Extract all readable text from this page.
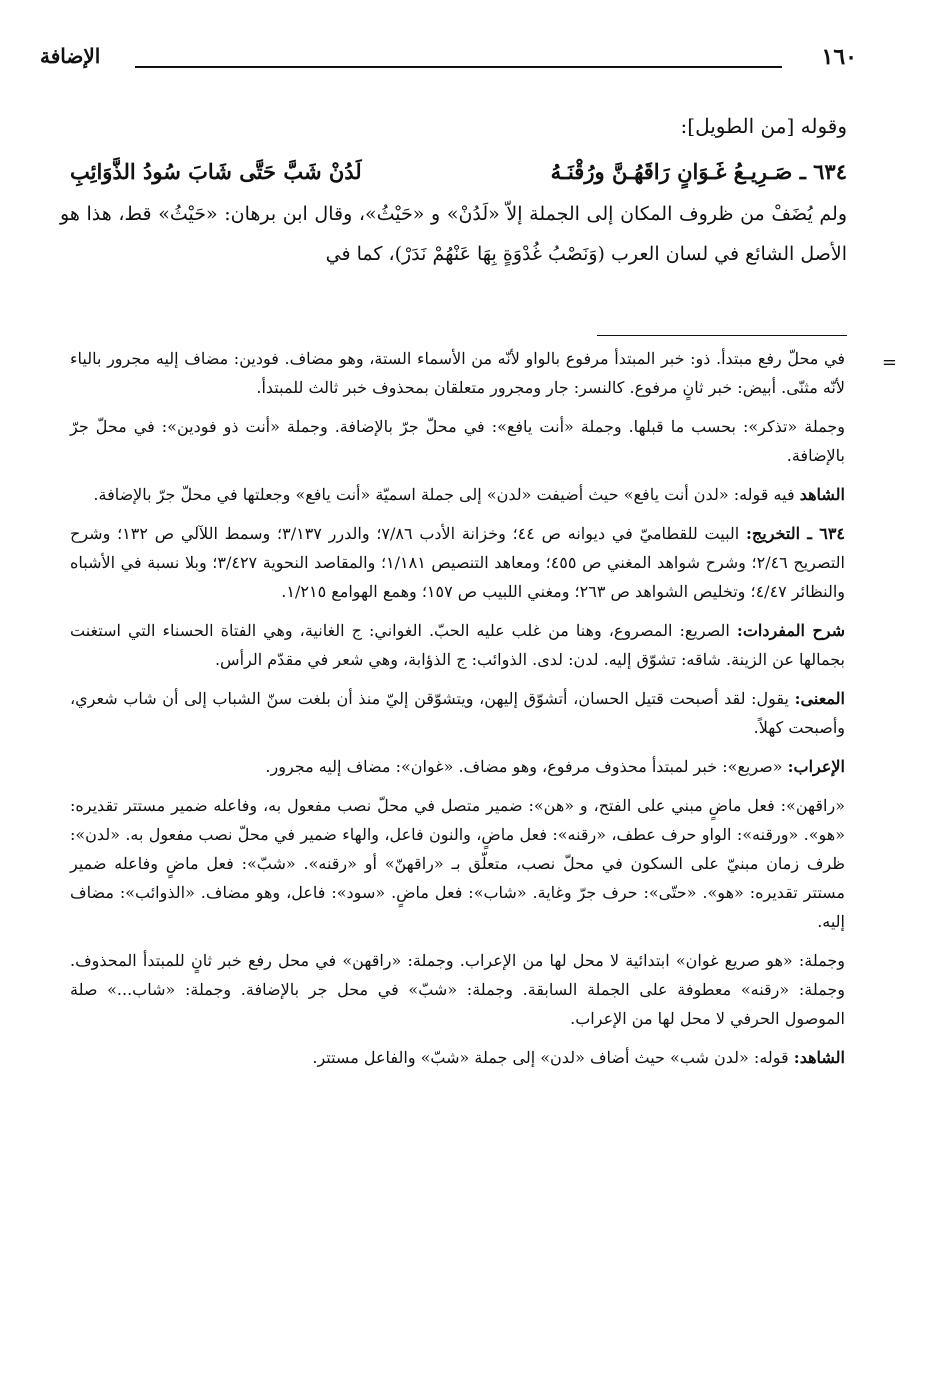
١٦٠
الإضافة

وقوله [من الطويل]:

٦٣٤ ـ صَـرِيـعُ غَـوَانٍ رَاقَهُـنَّ ورُقْنَـهُ
لَدُنْ شَبَّ حَتَّى شَابَ سُودُ الذَّوَائِبِ

ولم يُضَفْ من ظروف المكان إلى الجملة إلاّ «لَدُنْ» و «حَيْثُ»، وقال ابن برهان: «حَيْثُ» قط، هذا هو الأصل الشائع في لسان العرب (وَنَصْبُ غُدْوَةٍ بِهَا عَنْهُمْ نَدَرْ)، كما في

=

في محلّ رفع مبتدأ. ذو: خبر المبتدأ مرفوع بالواو لأنّه من الأسماء الستة، وهو مضاف. فودين: مضاف إليه مجرور بالياء لأنّه مثنّى. أبيض: خبر ثانٍ مرفوع. كالنسر: جار ومجرور متعلقان بمحذوف خبر ثالث للمبتدأ.

وجملة «تذكر»: بحسب ما قبلها. وجملة «أنت يافع»: في محلّ جرّ بالإضافة. وجملة «أنت ذو فودين»: في محلّ جرّ بالإضافة.

الشاهد فيه قوله: «لدن أنت يافع» حيث أضيفت «لدن» إلى جملة اسميّة «أنت يافع» وجعلتها في محلّ جرّ بالإضافة.

٦٣٤ ـ التخريج: البيت للقطاميّ في ديوانه ص ٤٤؛ وخزانة الأدب ٧/٨٦؛ والدرر ٣/١٣٧؛ وسمط اللآلي ص ١٣٢؛ وشرح التصريح ٢/٤٦؛ وشرح شواهد المغني ص ٤٥٥؛ ومعاهد التنصيص ١/١٨١؛ والمقاصد النحوية ٣/٤٢٧؛ وبلا نسبة في الأشباه والنظائر ٤/٤٧؛ وتخليص الشواهد ص ٢٦٣؛ ومغني اللبيب ص ١٥٧؛ وهمع الهوامع ١/٢١٥.

شرح المفردات: الصريع: المصروع، وهنا من غلب عليه الحبّ. الغواني: ج الغانية، وهي الفتاة الحسناء التي استغنت بجمالها عن الزينة. شاقه: تشوّق إليه. لدن: لدى. الذوائب: ج الذؤابة، وهي شعر في مقدّم الرأس.

المعنى: يقول: لقد أصبحت قتيل الحسان، أتشوّق إليهن، ويتشوّقن إليّ منذ أن بلغت سنّ الشباب إلى أن شاب شعري، وأصبحت كهلاً.

الإعراب: «صريع»: خبر لمبتدأ محذوف مرفوع، وهو مضاف. «غوان»: مضاف إليه مجرور.

«راقهن»: فعل ماضٍ مبني على الفتح، و «هن»: ضمير متصل في محلّ نصب مفعول به، وفاعله ضمير مستتر تقديره: «هو». «ورقنه»: الواو حرف عطف، «رقنه»: فعل ماضٍ، والنون فاعل، والهاء ضمير في محلّ نصب مفعول به. «لدن»: ظرف زمان مبنيّ على السكون في محلّ نصب، متعلّق بـ «راقهنّ» أو «رقنه». «شبّ»: فعل ماضٍ وفاعله ضمير مستتر تقديره: «هو». «حتّى»: حرف جرّ وغاية. «شاب»: فعل ماضٍ. «سود»: فاعل، وهو مضاف. «الذوائب»: مضاف إليه.

وجملة: «هو صريع غوان» ابتدائية لا محل لها من الإعراب. وجملة: «راقهن» في محل رفع خبر ثانٍ للمبتدأ المحذوف. وجملة: «رقنه» معطوفة على الجملة السابقة. وجملة: «شبّ» في محل جر بالإضافة. وجملة: «شاب...» صلة الموصول الحرفي لا محل لها من الإعراب.

الشاهد: قوله: «لدن شب» حيث أضاف «لدن» إلى جملة «شبّ» والفاعل مستتر.
